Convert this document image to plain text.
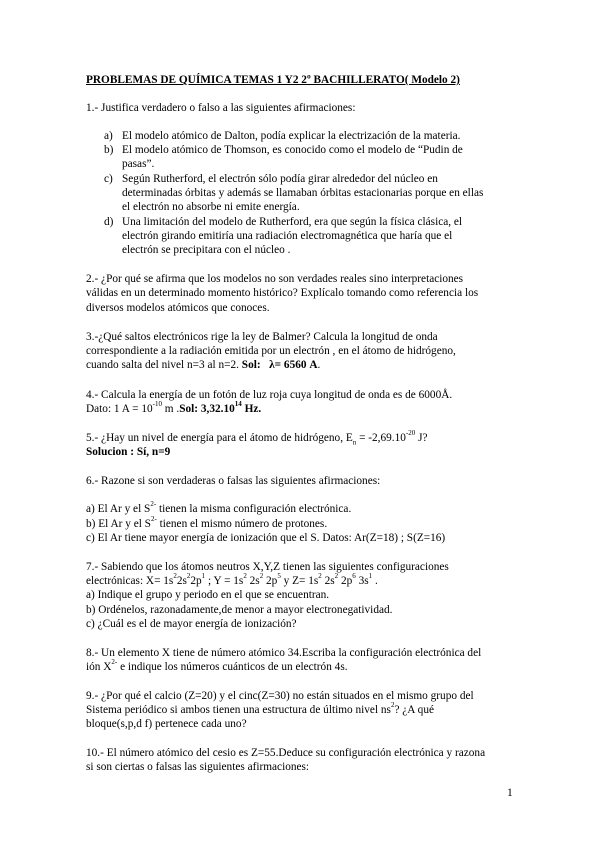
PROBLEMAS DE QUÍMICA TEMAS 1 Y2 2º BACHILLERATO( Modelo 2)
1.- Justifica verdadero o falso a las siguientes afirmaciones:
a) El modelo atómico de Dalton, podía explicar la electrización de la materia.
b) El modelo atómico de Thomson, es conocido como el modelo de “Pudin de
pasas”.
c) Según Rutherford, el electrón sólo podía girar alrededor del núcleo en
determinadas órbitas y además se llamaban órbitas estacionarias porque en ellas
el electrón no absorbe ni emite energía.
d) Una limitación del modelo de Rutherford, era que según la física clásica, el
electrón girando emitiría una radiación electromagnética que haría que el
electrón se precipitara con el núcleo .
2.- ¿Por qué se afirma que los modelos no son verdades reales sino interpretaciones
válidas en un determinado momento histórico? Explícalo tomando como referencia los
diversos modelos atómicos que conoces.
3.-¿Qué saltos electrónicos rige la ley de Balmer? Calcula la longitud de onda
correspondiente a la radiación emitida por un electrón , en el átomo de hidrógeno,
cuando salta del nivel n=3 al n=2. Sol: λ= 6560 A.
4.- Calcula la energía de un fotón de luz roja cuya longitud de onda es de 6000Å.
Dato: 1 $A = 10^{-10}$ m .Sol: 3,32.10$^{14}$ Hz.
5.- ¿Hay un nivel de energía para el átomo de hidrógeno, $E_n = -2,69.10^{-20}$ J?
Solucion : Sí, n=9
6.- Razone si son verdaderas o falsas las siguientes afirmaciones:
a) El Ar y el $S^{2-}$ tienen la misma configuración electrónica.
b) El Ar y el $S^{2-}$ tienen el mismo número de protones.
c) El Ar tiene mayor energía de ionización que el S. Datos: Ar(Z=18) ; S(Z=16)
7.- Sabiendo que los átomos neutros X,Y,Z tienen las siguientes configuraciones
electrónicas: $X= 1s^22s^22p^1$ ; $Y = 1s^2$ $2s^2$ $2p^5$ y $Z= 1s^2$ $2s^2$ $2p^6$ $3s^1$ .
a) Indique el grupo y periodo en el que se encuentran.
b) Ordénelos, razonadamente,de menor a mayor electronegatividad.
c) ¿Cuál es el de mayor energía de ionización?
8.- Un elemento X tiene de número atómico 34.Escriba la configuración electrónica del
ión $X^{2-}$ e indique los números cuánticos de un electrón 4s.
9.- ¿Por qué el calcio (Z=20) y el cinc(Z=30) no están situados en el mismo grupo del
Sistema periódico si ambos tienen una estructura de último nivel $ns^2$? ¿A qué
bloque(s,p,d f) pertenece cada uno?
10.- El número atómico del cesio es Z=55.Deduce su configuración electrónica y razona
si son ciertas o falsas las siguientes afirmaciones:
1
